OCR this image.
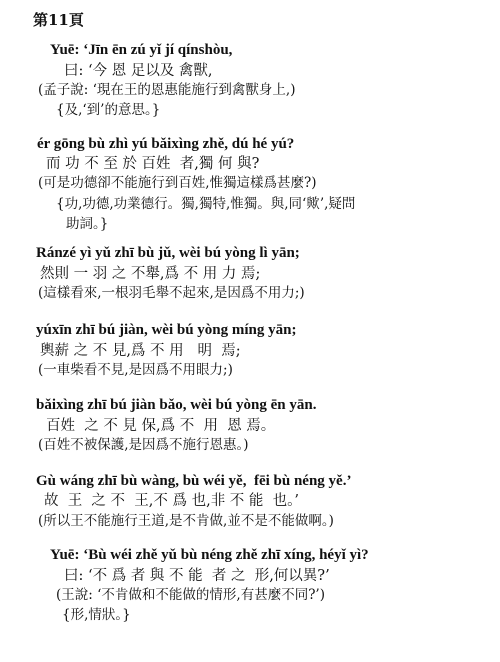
第11頁
Yuē: ‘Jīn ēn zú yǐ jí qínshòu,
曰: ‘今 恩 足以及 禽獸,
(孟子說: ‘現在王的恩惠能施行到禽獸身上,)
{及,‘到’的意思。}
ér gōng bù zhì yú bǎixìng zhě, dú hé yú?
而 功 不 至 於 百姓  者,獨 何 與?
(可是功德卻不能施行到百姓,惟獨這樣爲甚麼?)
{功,功德,功業德行。獨,獨特,惟獨。與,同‘歟’,疑問
助詞。}
Ránzé yì yǔ zhī bù jǔ, wèi bú yòng lì yān;
然則 一 羽 之 不舉,爲 不 用 力 焉;
(這樣看來,一根羽毛舉不起來,是因爲不用力;)
yúxīn zhī bú jiàn, wèi bú yòng míng yān;
輿薪 之 不 見,爲 不 用   明  焉;
(一車柴看不見,是因爲不用眼力;)
bǎixìng zhī bú jiàn bǎo, wèi bú yòng ēn yān.
百姓  之 不 見 保,爲 不  用  恩 焉。
(百姓不被保護,是因爲不施行恩惠。)
Gù wáng zhī bù wàng, bù wéi yě,  fēi bù néng yě.’
故  王  之 不  王,不 爲 也,非 不 能  也。’
(所以王不能施行王道,是不肯做,並不是不能做啊。)
Yuē: ‘Bù wéi zhě yǔ bù néng zhě zhī xíng, héyǐ yì?
曰: ‘不 爲 者 與 不 能  者 之  形,何以異?’
(王說: ‘不肯做和不能做的情形,有甚麼不同?’)
{形,情狀。}
